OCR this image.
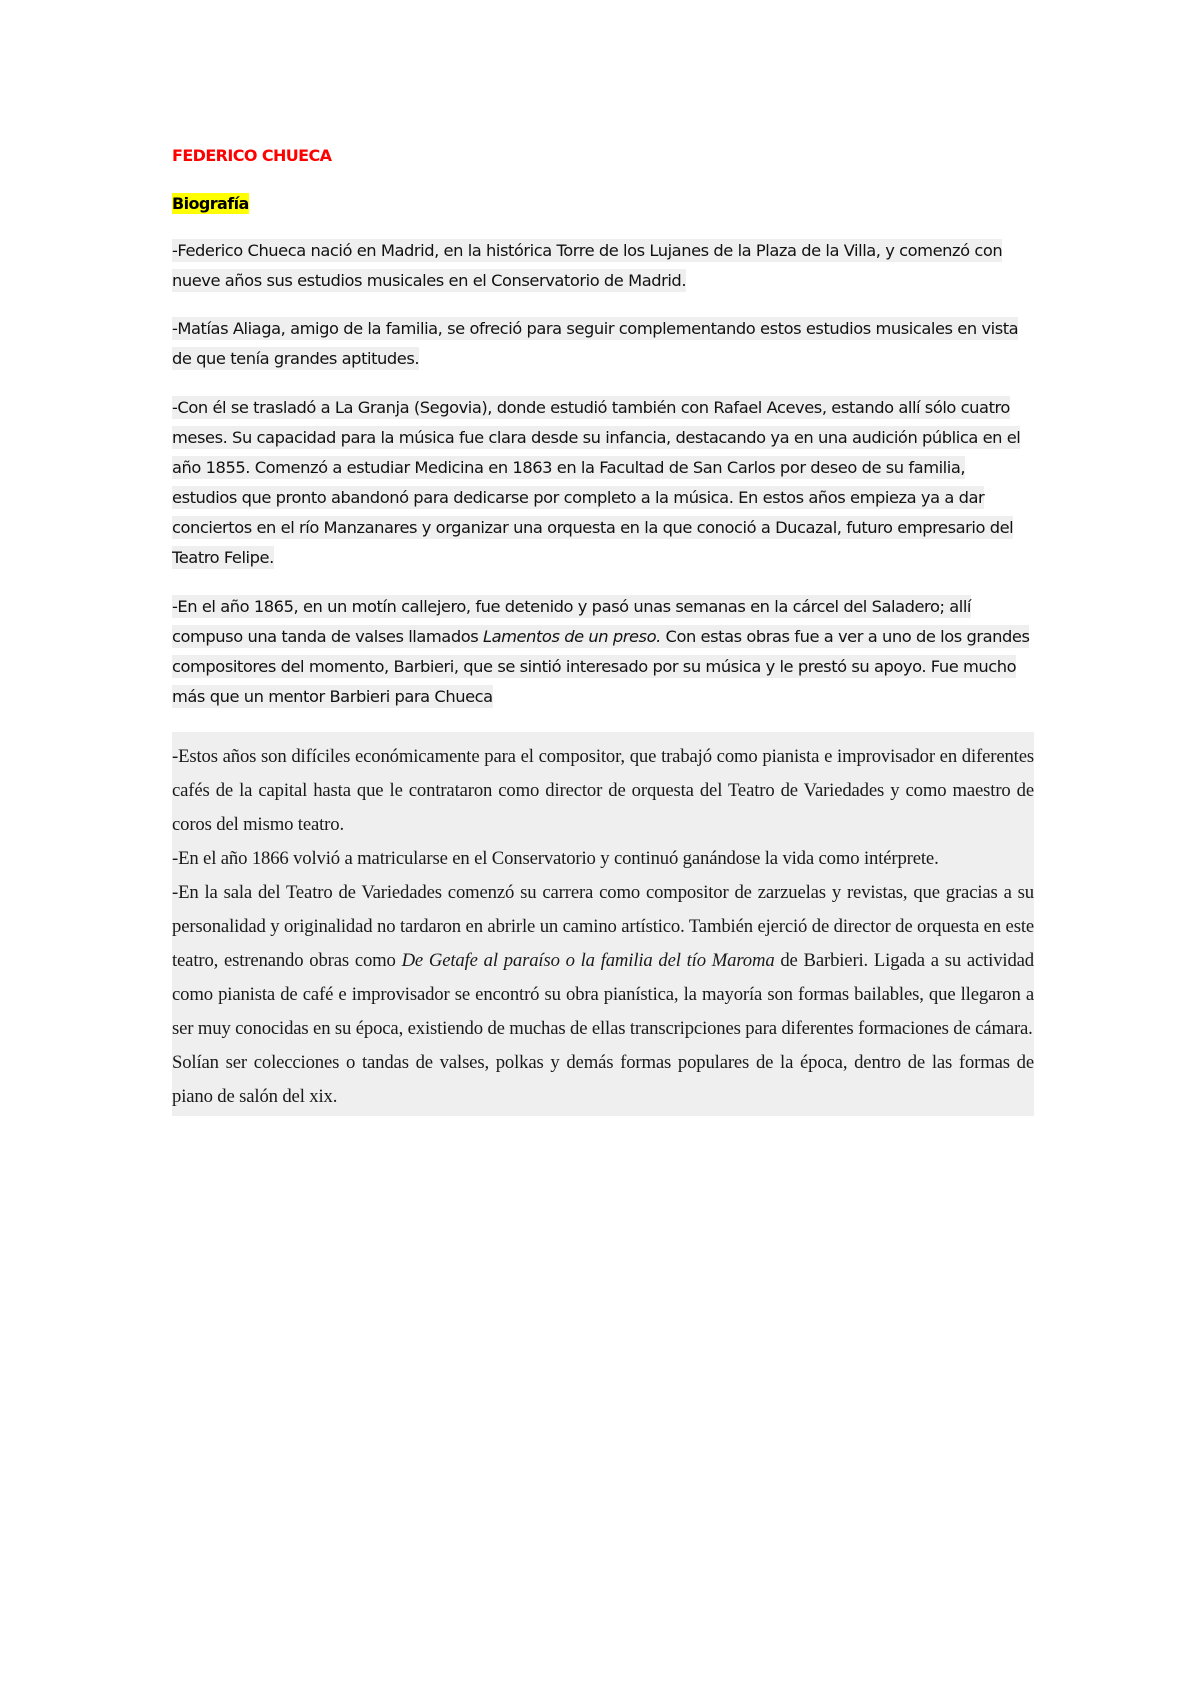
FEDERICO CHUECA
Biografía

-Federico Chueca nació en Madrid, en la histórica Torre de los Lujanes de la Plaza de la Villa, y comenzó con nueve años sus estudios musicales en el Conservatorio de Madrid.

-Matías Aliaga, amigo de la familia, se ofreció para seguir complementando estos estudios musicales en vista de que tenía grandes aptitudes.

-Con él se trasladó a La Granja (Segovia), donde estudió también con Rafael Aceves, estando allí sólo cuatro meses. Su capacidad para la música fue clara desde su infancia, destacando ya en una audición pública en el año 1855. Comenzó a estudiar Medicina en 1863 en la Facultad de San Carlos por deseo de su familia, estudios que pronto abandonó para dedicarse por completo a la música. En estos años empieza ya a dar conciertos en el río Manzanares y organizar una orquesta en la que conoció a Ducazal, futuro empresario del Teatro Felipe.

-En el año 1865, en un motín callejero, fue detenido y pasó unas semanas en la cárcel del Saladero; allí compuso una tanda de valses llamados Lamentos de un preso. Con estas obras fue a ver a uno de los grandes compositores del momento, Barbieri, que se sintió interesado por su música y le prestó su apoyo. Fue mucho más que un mentor Barbieri para Chueca

-Estos años son difíciles económicamente para el compositor, que trabajó como pianista e improvisador en diferentes cafés de la capital hasta que le contrataron como director de orquesta del Teatro de Variedades y como maestro de coros del mismo teatro.

-En el año 1866 volvió a matricularse en el Conservatorio y continuó ganándose la vida como intérprete.

-En la sala del Teatro de Variedades comenzó su carrera como compositor de zarzuelas y revistas, que gracias a su personalidad y originalidad no tardaron en abrirle un camino artístico. También ejerció de director de orquesta en este teatro, estrenando obras como De Getafe al paraíso o la familia del tío Maroma de Barbieri. Ligada a su actividad como pianista de café e improvisador se encontró su obra pianística, la mayoría son formas bailables, que llegaron a ser muy conocidas en su época, existiendo de muchas de ellas transcripciones para diferentes formaciones de cámara.

Solían ser colecciones o tandas de valses, polkas y demás formas populares de la época, dentro de las formas de piano de salón del xix.
